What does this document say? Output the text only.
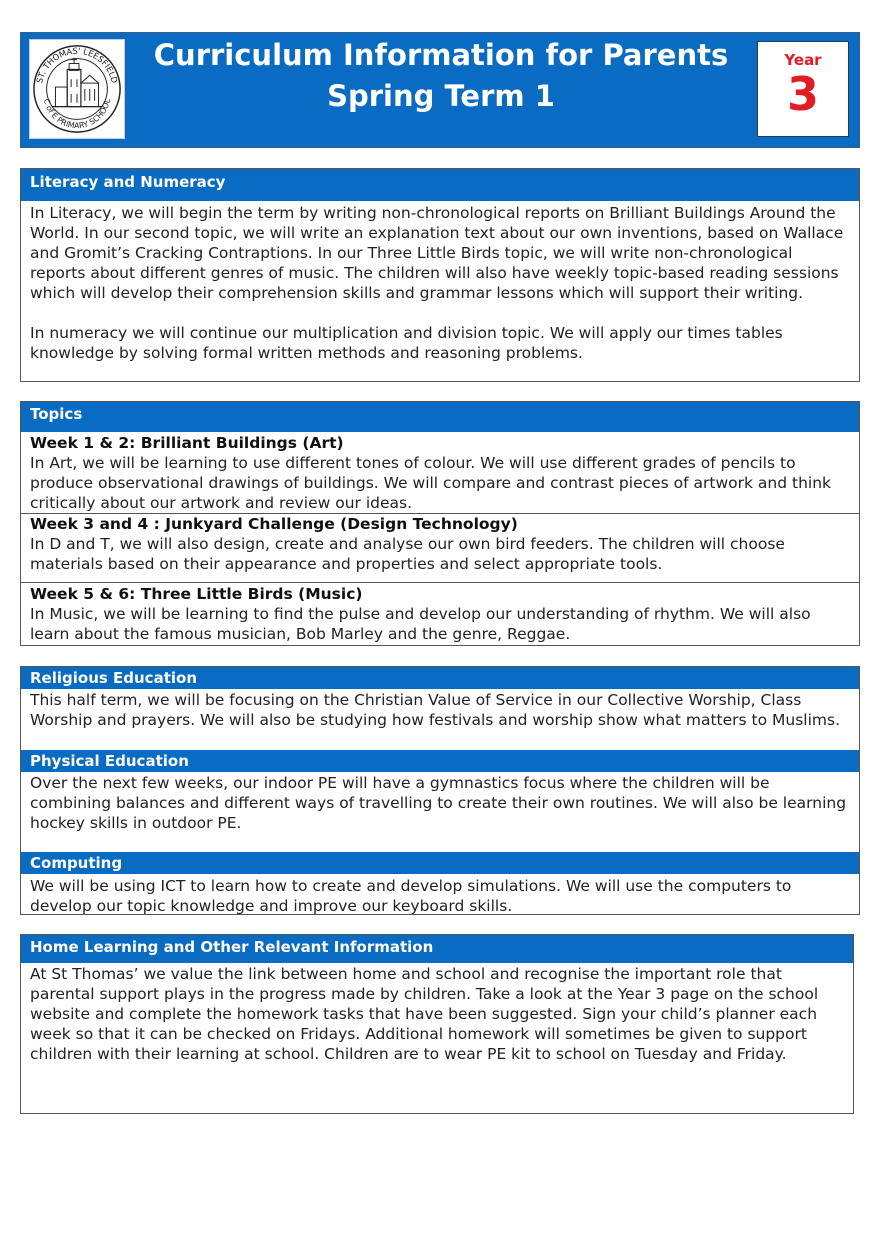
ST. THOMAS' LEESFIELD
C of E PRIMARY SCHOOL
Curriculum Information for Parents
Spring Term 1
Year
3
Literacy and Numeracy

In Literacy, we will begin the term by writing non-chronological reports on Brilliant Buildings Around the World. In our second topic, we will write an explanation text about our own inventions, based on Wallace and Gromit’s Cracking Contraptions. In our Three Little Birds topic, we will write non-chronological reports about different genres of music. The children will also have weekly topic-based reading sessions which will develop their comprehension skills and grammar lessons which will support their writing.

In numeracy we will continue our multiplication and division topic. We will apply our times tables knowledge by solving formal written methods and reasoning problems.

Topics
Week 1 & 2: Brilliant Buildings (Art)
In Art, we will be learning to use different tones of colour. We will use different grades of pencils to produce observational drawings of buildings. We will compare and contrast pieces of artwork and think critically about our artwork and review our ideas.
Week 3 and 4 : Junkyard Challenge (Design Technology)
In D and T, we will also design, create and analyse our own bird feeders. The children will choose materials based on their appearance and properties and select appropriate tools.
Week 5 & 6: Three Little Birds (Music)
In Music, we will be learning to find the pulse and develop our understanding of rhythm. We will also learn about the famous musician, Bob Marley and the genre, Reggae.
Religious Education
This half term, we will be focusing on the Christian Value of Service in our Collective Worship, Class Worship and prayers. We will also be studying how festivals and worship show what matters to Muslims.
Physical Education
Over the next few weeks, our indoor PE will have a gymnastics focus where the children will be combining balances and different ways of travelling to create their own routines. We will also be learning hockey skills in outdoor PE.
Computing
We will be using ICT to learn how to create and develop simulations. We will use the computers to develop our topic knowledge and improve our keyboard skills.
Home Learning and Other Relevant Information
At St Thomas’ we value the link between home and school and recognise the important role that parental support plays in the progress made by children. Take a look at the Year 3 page on the school website and complete the homework tasks that have been suggested. Sign your child’s planner each week so that it can be checked on Fridays. Additional homework will sometimes be given to support children with their learning at school. Children are to wear PE kit to school on Tuesday and Friday.
